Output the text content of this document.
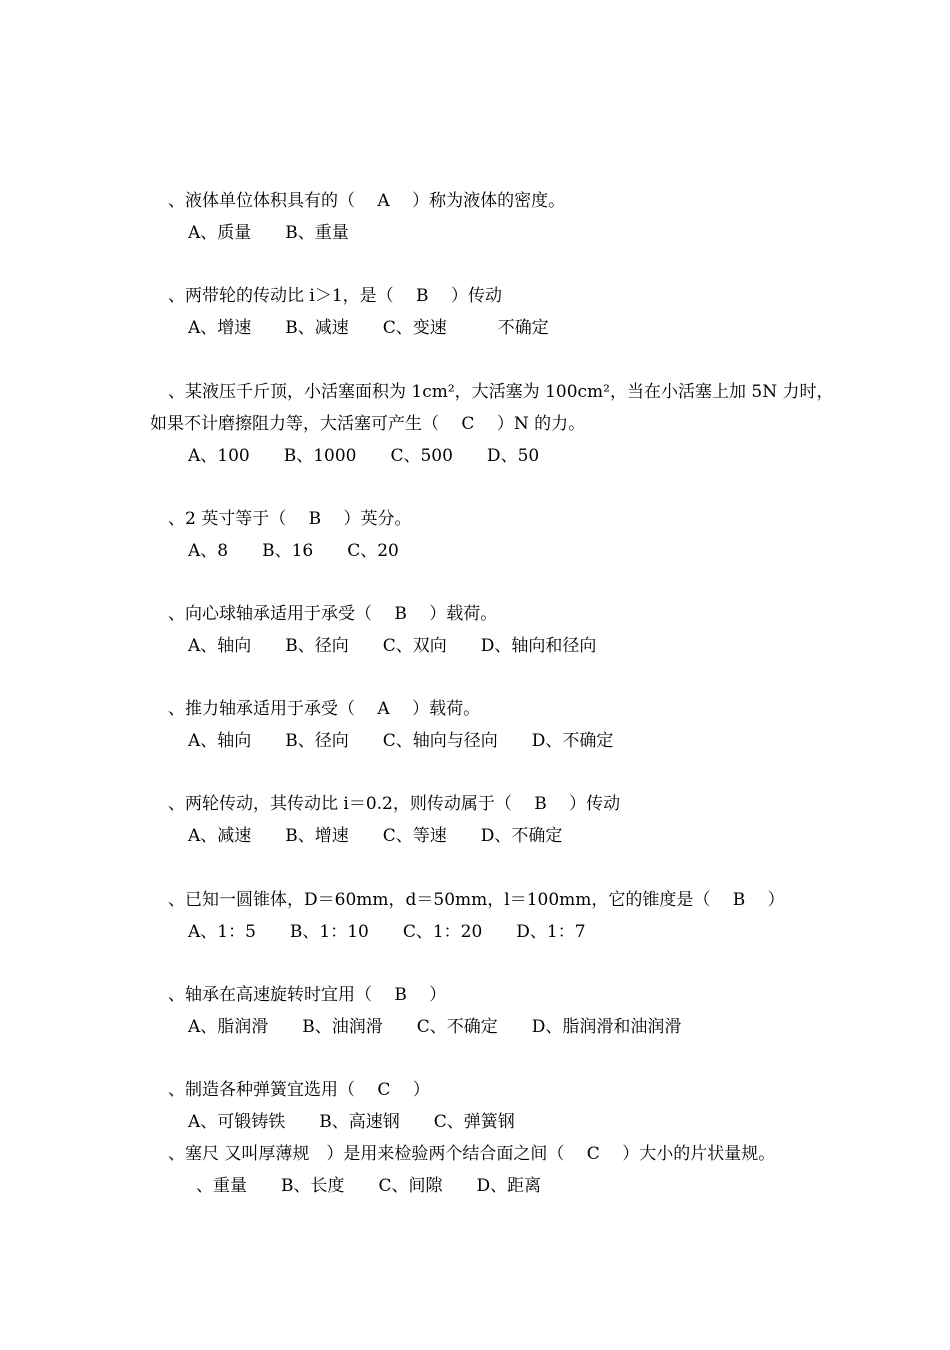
、液体单位体积具有的（　 A 　）称为液体的密度。
A、质量　　B、重量
、两带轮的传动比 i＞1，是（　 B 　）传动
A、增速　　B、减速　　C、变速　　　不确定
、某液压千斤顶，小活塞面积为 1cm²，大活塞为 100cm²，当在小活塞上加 5N 力时，
如果不计磨擦阻力等，大活塞可产生（　 C 　）N 的力。
A、100　　B、1000　　C、500　　D、50
、2 英寸等于（　 B 　）英分。
A、8　　B、16　　C、20
、向心球轴承适用于承受（　 B 　）载荷。
A、轴向　　B、径向　　C、双向　　D、轴向和径向
、推力轴承适用于承受（　 A 　）载荷。
A、轴向　　B、径向　　C、轴向与径向　　D、不确定
、两轮传动，其传动比 i＝0.2，则传动属于（　 B 　）传动
A、减速　　B、增速　　C、等速　　D、不确定
、已知一圆锥体，D＝60mm，d＝50mm，l＝100mm，它的锥度是（　 B 　）
A、1：5　　B、1：10　　C、1：20　　D、1：7
、轴承在高速旋转时宜用（　 B 　）
A、脂润滑　　B、油润滑　　C、不确定　　D、脂润滑和油润滑
、制造各种弹簧宜选用（　 C 　）
A、可锻铸铁　　B、高速钢　　C、弹簧钢
、塞尺 又叫厚薄规　）是用来检验两个结合面之间（　 C 　）大小的片状量规。
、重量　　B、长度　　C、间隙　　D、距离
